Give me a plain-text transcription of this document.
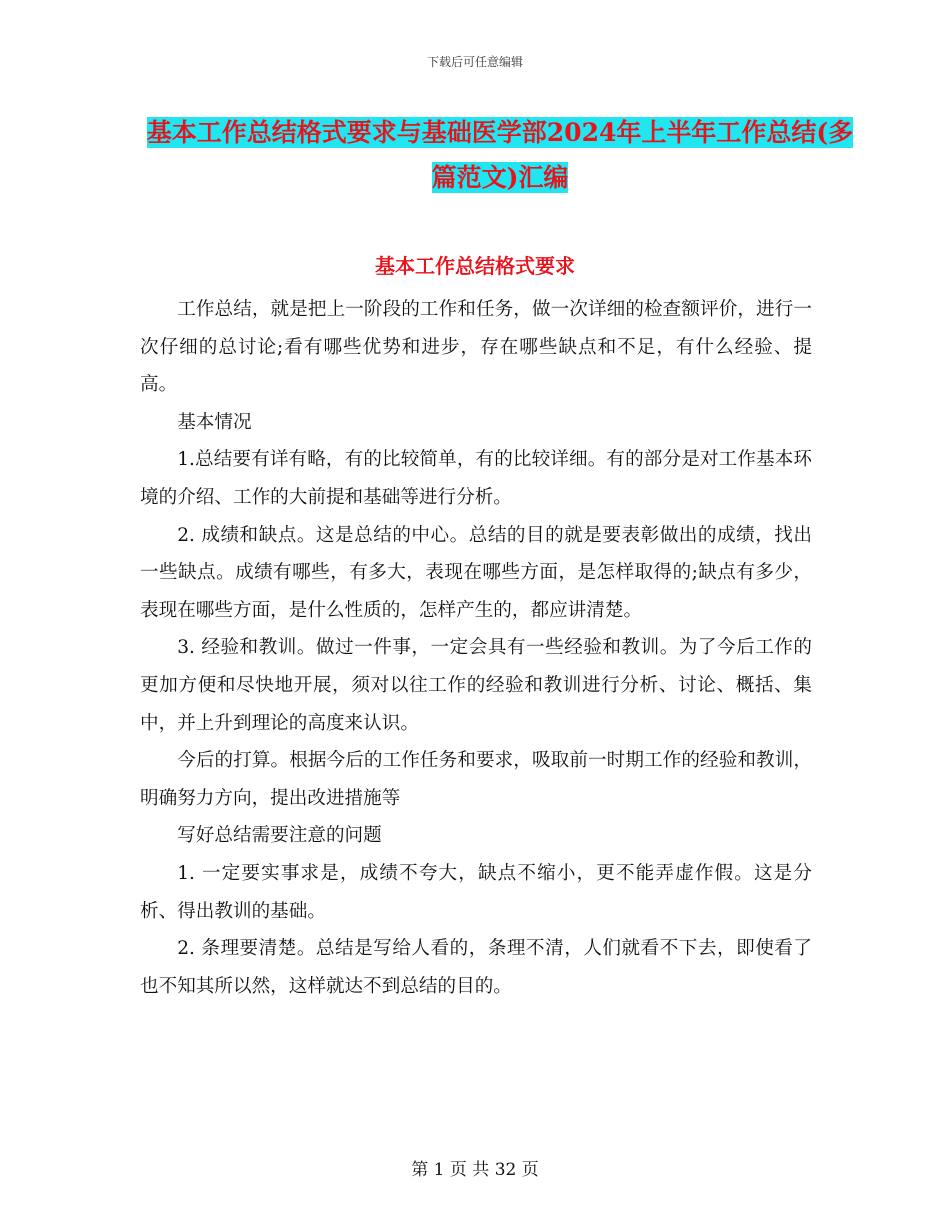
下载后可任意编辑
基本工作总结格式要求与基础医学部2024年上半年工作总结(多篇范文)汇编
基本工作总结格式要求

工作总结，就是把上一阶段的工作和任务，做一次详细的检查额评价，进行一次仔细的总讨论;看有哪些优势和进步，存在哪些缺点和不足，有什么经验、提高。

基本情况

1.总结要有详有略，有的比较简单，有的比较详细。有的部分是对工作基本环境的介绍、工作的大前提和基础等进行分析。

2. 成绩和缺点。这是总结的中心。总结的目的就是要表彰做出的成绩，找出一些缺点。成绩有哪些，有多大，表现在哪些方面，是怎样取得的;缺点有多少，表现在哪些方面，是什么性质的，怎样产生的，都应讲清楚。

3. 经验和教训。做过一件事，一定会具有一些经验和教训。为了今后工作的更加方便和尽快地开展，须对以往工作的经验和教训进行分析、讨论、概括、集中，并上升到理论的高度来认识。

今后的打算。根据今后的工作任务和要求，吸取前一时期工作的经验和教训，明确努力方向，提出改进措施等

写好总结需要注意的问题

1. 一定要实事求是，成绩不夸大，缺点不缩小，更不能弄虚作假。这是分析、得出教训的基础。

2. 条理要清楚。总结是写给人看的，条理不清，人们就看不下去，即使看了也不知其所以然，这样就达不到总结的目的。

第 1 页 共 32 页
